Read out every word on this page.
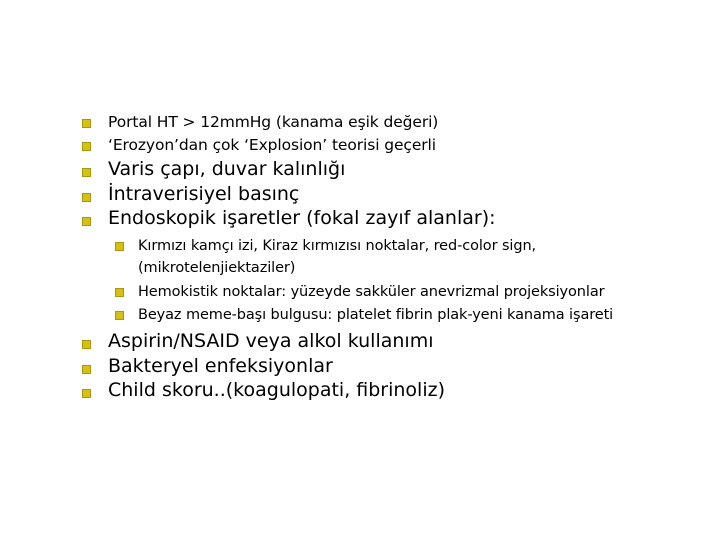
Portal HT > 12mmHg (kanama eşik değeri)
‘Erozyon’dan çok ‘Explosion’ teorisi geçerli
Varis çapı, duvar kalınlığı
İntraverisiyel basınç
Endoskopik işaretler (fokal zayıf alanlar):
Kırmızı kamçı izi, Kiraz kırmızısı noktalar, red-color sign,
(mikrotelenjiektaziler)
Hemokistik noktalar: yüzeyde sakküler anevrizmal projeksiyonlar
Beyaz meme-başı bulgusu: platelet fibrin plak-yeni kanama işareti
Aspirin/NSAID veya alkol kullanımı
Bakteryel enfeksiyonlar
Child skoru..(koagulopati, fibrinoliz)
